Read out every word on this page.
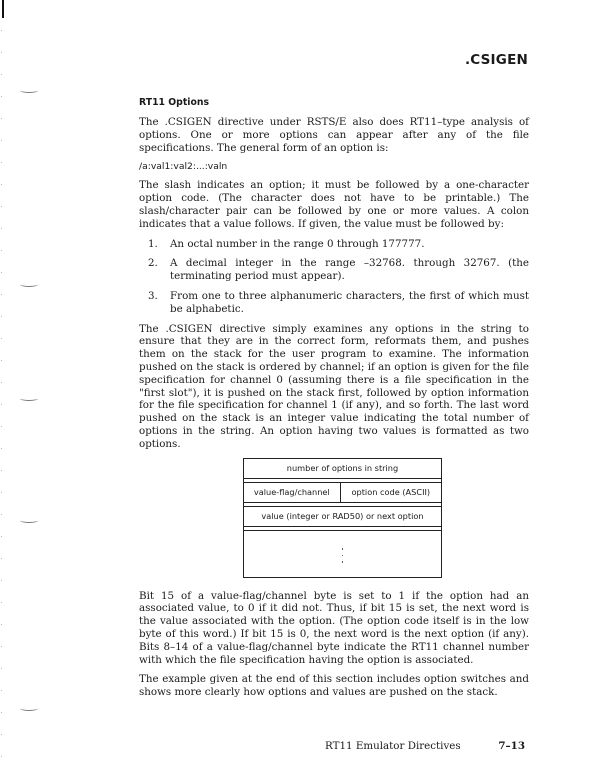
.CSIGEN
RT11 Options

The .CSIGEN directive under RSTS/E also does RT11–type analysis of options. One or more options can appear after any of the file specifications. The general form of an option is:

/a:val1:val2:...:valn

The slash indicates an option; it must be followed by a one-character option code. (The character does not have to be printable.) The slash/character pair can be followed by one or more values. A colon indicates that a value follows. If given, the value must be followed by:

1.	An octal number in the range 0 through 177777.
2.	A decimal integer in the range –32768. through 32767. (the terminating period must appear).
3.	From one to three alphanumeric characters, the first of which must be alphabetic.

The .CSIGEN directive simply examines any options in the string to ensure that they are in the correct form, reformats them, and pushes them on the stack for the user program to examine. The information pushed on the stack is ordered by channel; if an option is given for the file specification for channel 0 (assuming there is a file specification in the "first slot"), it is pushed on the stack first, followed by option information for the file specification for channel 1 (if any), and so forth. The last word pushed on the stack is an integer value indicating the total number of options in the string. An option having two values is formatted as two options.

number of options in string
value-flag/channel	option code (ASCII)
value (integer or RAD50) or next option

Bit 15 of a value-flag/channel byte is set to 1 if the option had an associated value, to 0 if it did not. Thus, if bit 15 is set, the next word is the value associated with the option. (The option code itself is in the low byte of this word.) If bit 15 is 0, the next word is the next option (if any). Bits 8–14 of a value-flag/channel byte indicate the RT11 channel number with which the file specification having the option is associated.

The example given at the end of this section includes option switches and shows more clearly how options and values are pushed on the stack.

RT11 Emulator Directives	7–13
